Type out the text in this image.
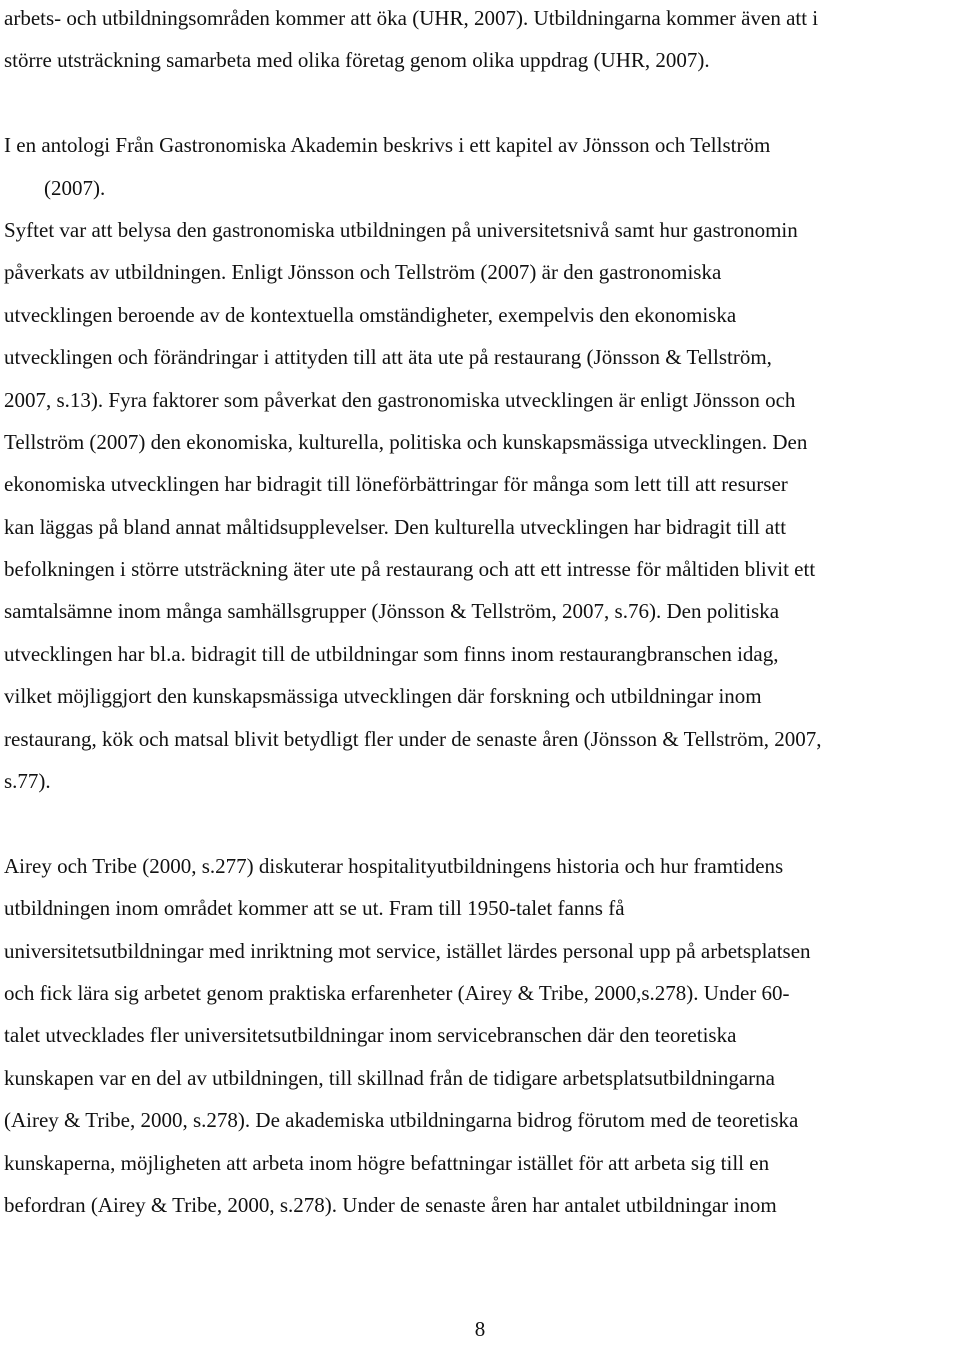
arbets- och utbildningsområden kommer att öka (UHR, 2007). Utbildningarna kommer även att i
större utsträckning samarbeta med olika företag genom olika uppdrag (UHR, 2007).
I en antologi Från Gastronomiska Akademin beskrivs i ett kapitel av Jönsson och Tellström
(2007).
Syftet var att belysa den gastronomiska utbildningen på universitetsnivå samt hur gastronomin
påverkats av utbildningen. Enligt Jönsson och Tellström (2007) är den gastronomiska
utvecklingen beroende av de kontextuella omständigheter, exempelvis den ekonomiska
utvecklingen och förändringar i attityden till att äta ute på restaurang (Jönsson & Tellström,
2007, s.13). Fyra faktorer som påverkat den gastronomiska utvecklingen är enligt Jönsson och
Tellström (2007) den ekonomiska, kulturella, politiska och kunskapsmässiga utvecklingen. Den
ekonomiska utvecklingen har bidragit till löneförbättringar för många som lett till att resurser
kan läggas på bland annat måltidsupplevelser. Den kulturella utvecklingen har bidragit till att
befolkningen i större utsträckning äter ute på restaurang och att ett intresse för måltiden blivit ett
samtalsämne inom många samhällsgrupper (Jönsson & Tellström, 2007, s.76). Den politiska
utvecklingen har bl.a. bidragit till de utbildningar som finns inom restaurangbranschen idag,
vilket möjliggjort den kunskapsmässiga utvecklingen där forskning och utbildningar inom
restaurang, kök och matsal blivit betydligt fler under de senaste åren (Jönsson & Tellström, 2007,
s.77).
Airey och Tribe (2000, s.277) diskuterar hospitalityutbildningens historia och hur framtidens
utbildningen inom området kommer att se ut. Fram till 1950-talet fanns få
universitetsutbildningar med inriktning mot service, istället lärdes personal upp på arbetsplatsen
och fick lära sig arbetet genom praktiska erfarenheter (Airey & Tribe, 2000,s.278). Under 60-
talet utvecklades fler universitetsutbildningar inom servicebranschen där den teoretiska
kunskapen var en del av utbildningen, till skillnad från de tidigare arbetsplatsutbildningarna
(Airey & Tribe, 2000, s.278). De akademiska utbildningarna bidrog förutom med de teoretiska
kunskaperna, möjligheten att arbeta inom högre befattningar istället för att arbeta sig till en
befordran (Airey & Tribe, 2000, s.278). Under de senaste åren har antalet utbildningar inom
8
